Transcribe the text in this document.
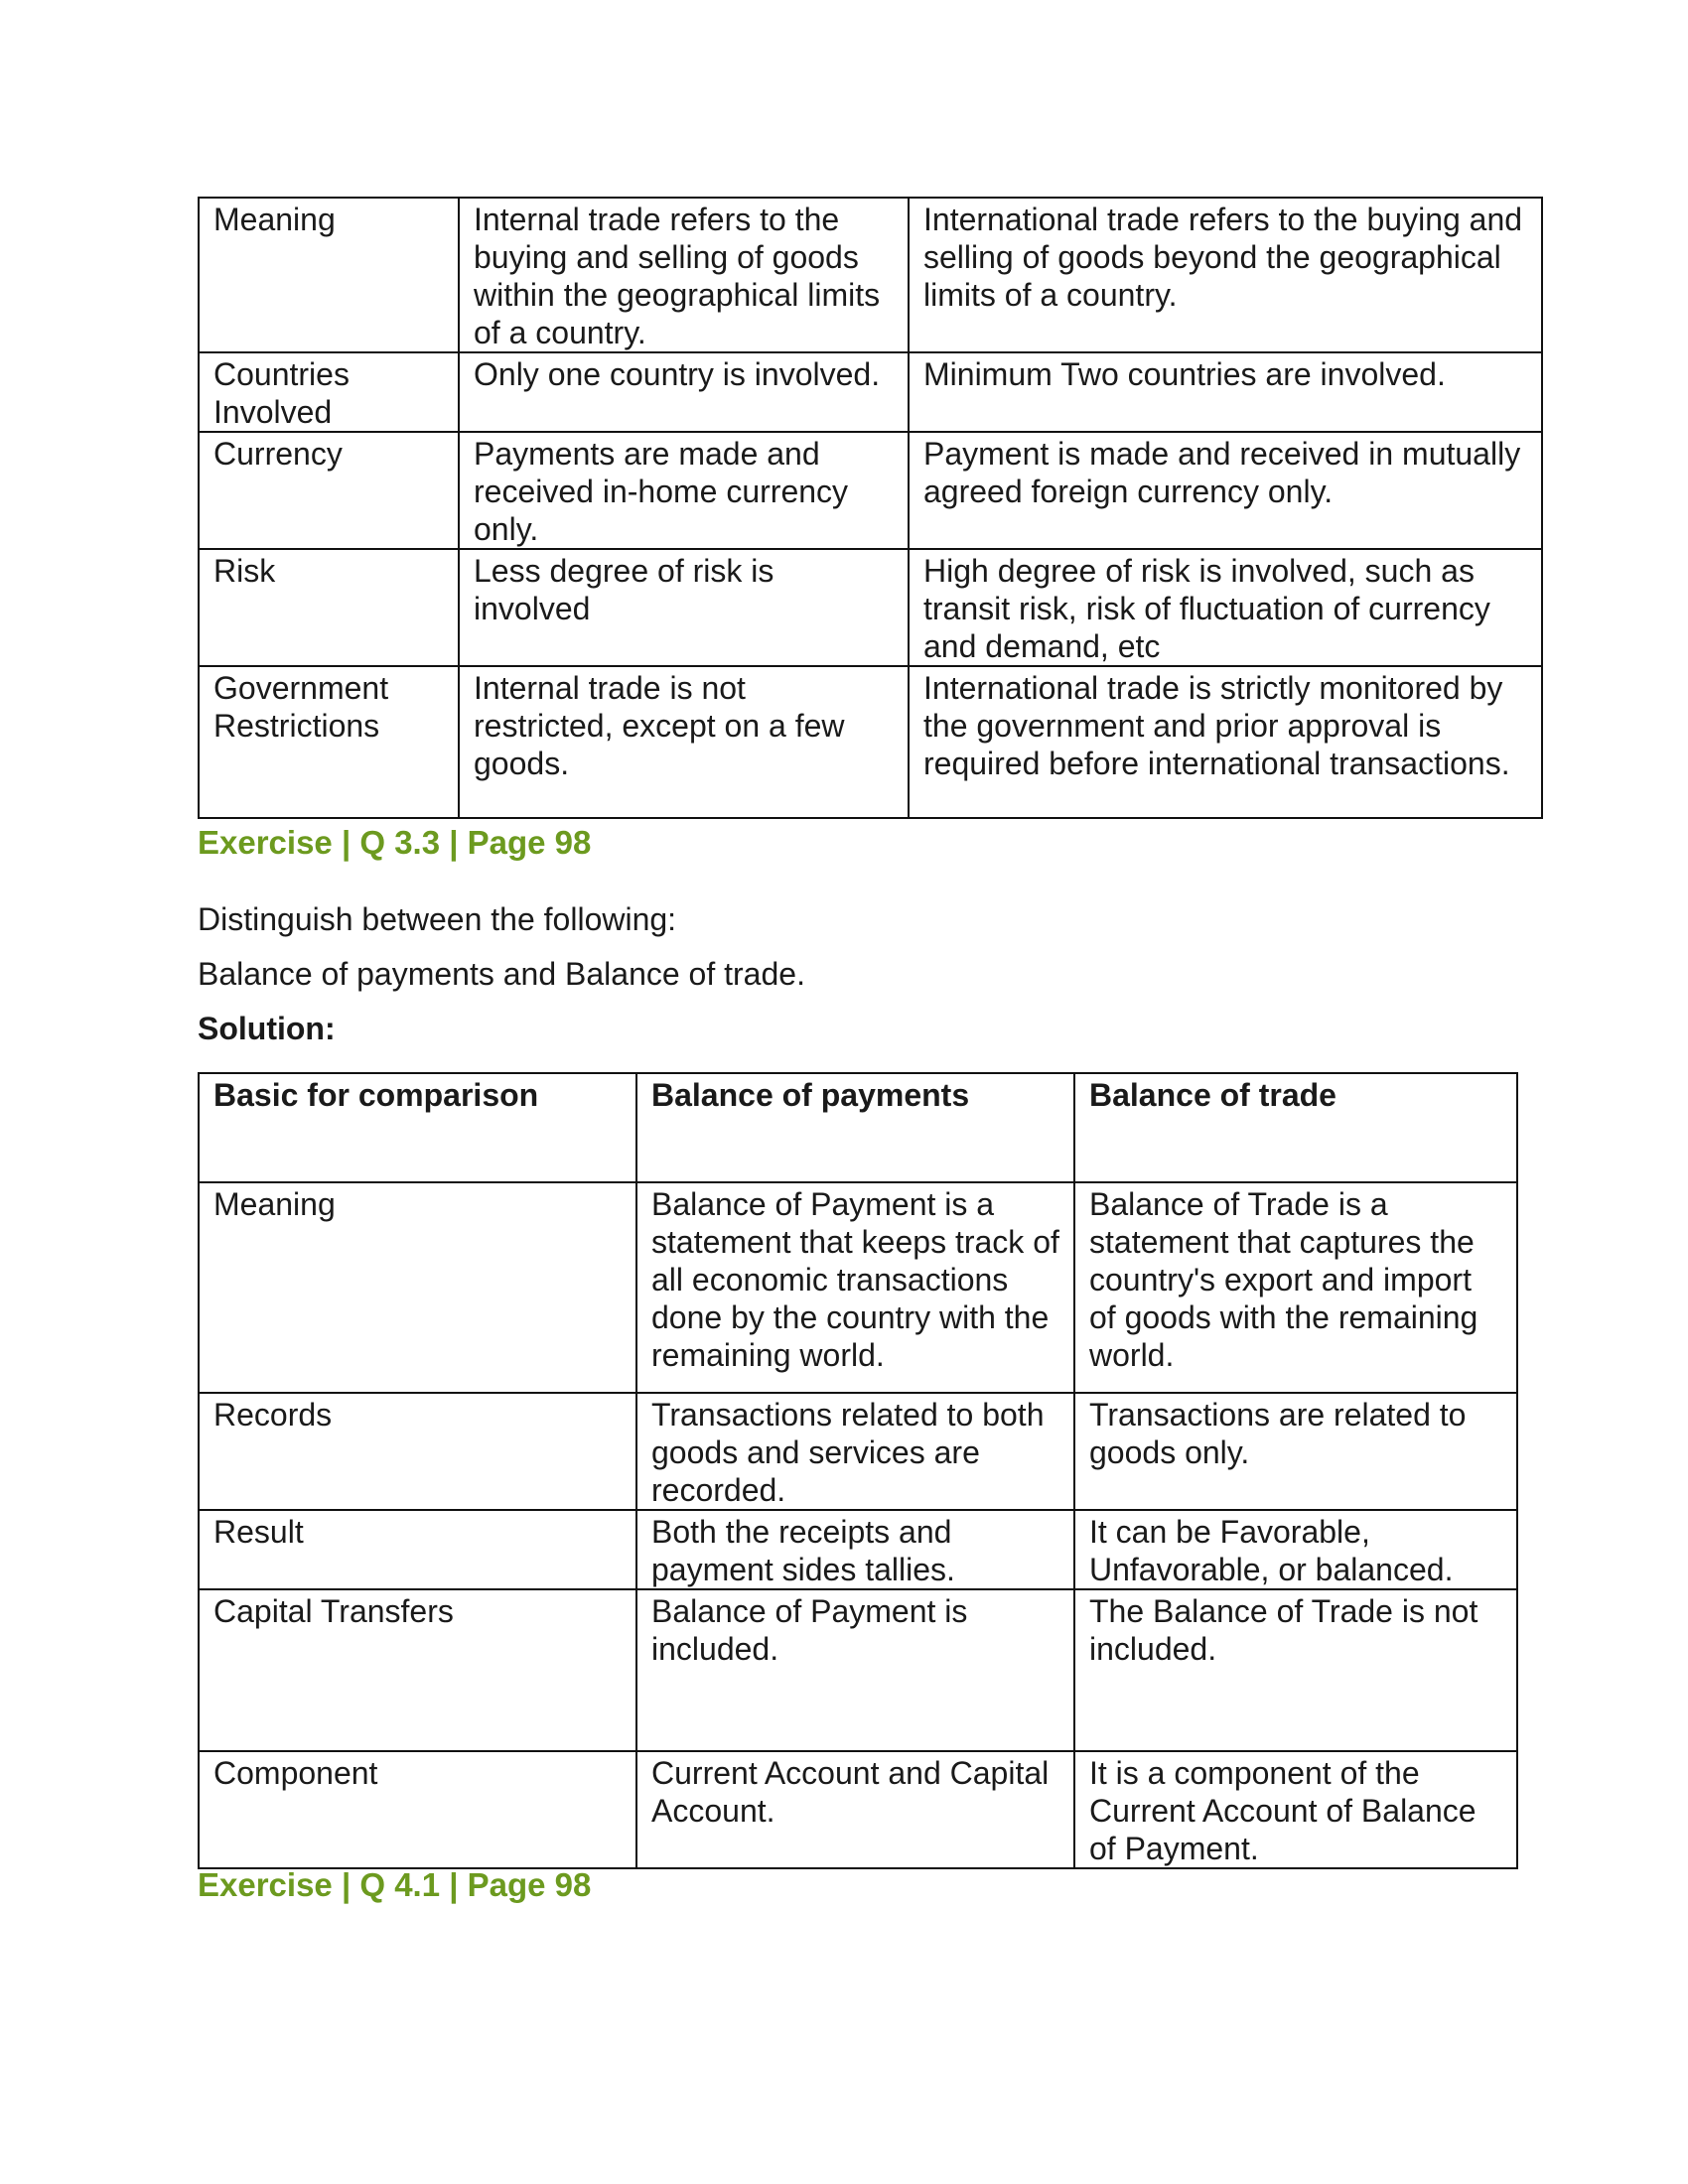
Meaning	Internal trade refers to the buying and selling of goods within the geographical limits of a country.	International trade refers to the buying and selling of goods beyond the geographical limits of a country.
Countries Involved	Only one country is involved.	Minimum Two countries are involved.
Currency	Payments are made and received in-home currency only.	Payment is made and received in mutually agreed foreign currency only.
Risk	Less degree of risk is involved	High degree of risk is involved, such as transit risk, risk of fluctuation of currency and demand, etc
Government Restrictions	Internal trade is not restricted, except on a few goods.	International trade is strictly monitored by the government and prior approval is required before international transactions.
Exercise | Q 3.3 | Page 98
Distinguish between the following:
Balance of payments and Balance of trade.
Solution:
Basic for comparison	Balance of payments	Balance of trade
Meaning	Balance of Payment is a statement that keeps track of all economic transactions done by the country with the remaining world.	Balance of Trade is a statement that captures the country's export and import of goods with the remaining world.
Records	Transactions related to both goods and services are recorded.	Transactions are related to goods only.
Result	Both the receipts and payment sides tallies.	It can be Favorable, Unfavorable, or balanced.
Capital Transfers	Balance of Payment is included.	The Balance of Trade is not included.
Component	Current Account and Capital Account.	It is a component of the Current Account of Balance of Payment.
Exercise | Q 4.1 | Page 98
